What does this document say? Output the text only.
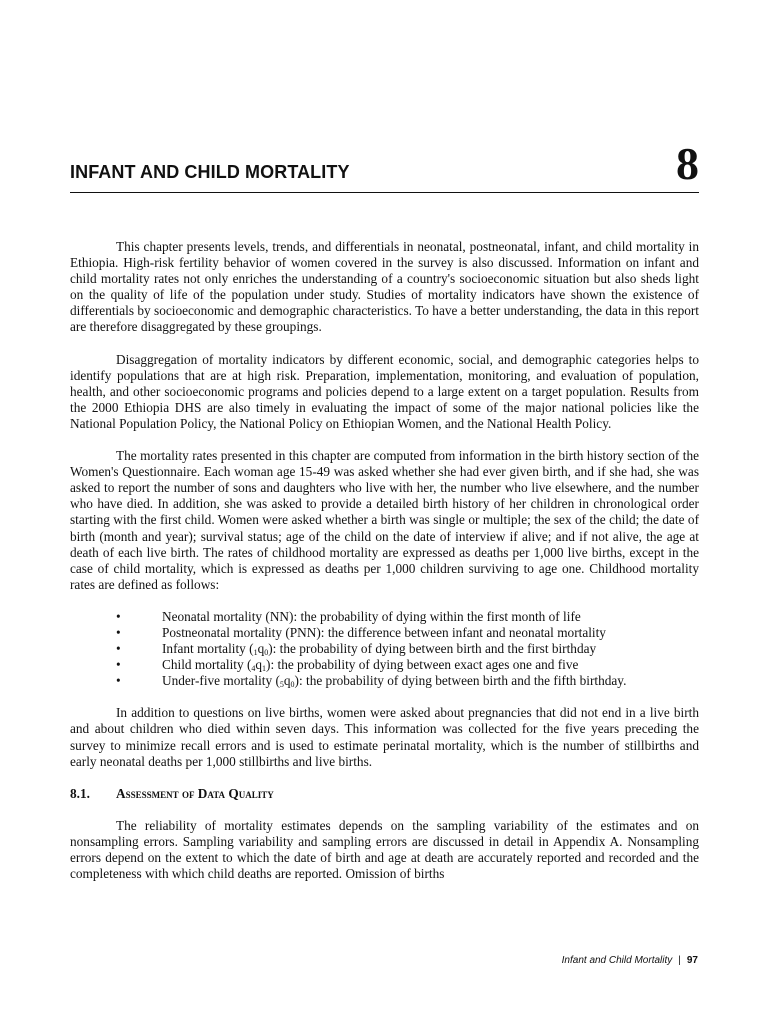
INFANT AND CHILD MORTALITY	8

This chapter presents levels, trends, and differentials in neonatal, postneonatal, infant, and child mortality in Ethiopia. High-risk fertility behavior of women covered in the survey is also discussed. Information on infant and child mortality rates not only enriches the understanding of a country's socioeconomic situation but also sheds light on the quality of life of the population under study. Studies of mortality indicators have shown the existence of differentials by socioeconomic and demographic characteristics. To have a better understanding, the data in this report are therefore disaggregated by these groupings.

Disaggregation of mortality indicators by different economic, social, and demographic categories helps to identify populations that are at high risk. Preparation, implementation, monitoring, and evaluation of population, health, and other socioeconomic programs and policies depend to a large extent on a target population. Results from the 2000 Ethiopia DHS are also timely in evaluating the impact of some of the major national policies like the National Population Policy, the National Policy on Ethiopian Women, and the National Health Policy.

The mortality rates presented in this chapter are computed from information in the birth history section of the Women's Questionnaire. Each woman age 15-49 was asked whether she had ever given birth, and if she had, she was asked to report the number of sons and daughters who live with her, the number who live elsewhere, and the number who have died. In addition, she was asked to provide a detailed birth history of her children in chronological order starting with the first child. Women were asked whether a birth was single or multiple; the sex of the child; the date of birth (month and year); survival status; age of the child on the date of interview if alive; and if not alive, the age at death of each live birth. The rates of childhood mortality are expressed as deaths per 1,000 live births, except in the case of child mortality, which is expressed as deaths per 1,000 children surviving to age one. Childhood mortality rates are defined as follows:

•	Neonatal mortality (NN): the probability of dying within the first month of life
•	Postneonatal mortality (PNN): the difference between infant and neonatal mortality
•	Infant mortality $(_1q_0)$: the probability of dying between birth and the first birthday
•	Child mortality $(_4q_1)$: the probability of dying between exact ages one and five
•	Under-five mortality $(_5q_0)$: the probability of dying between birth and the fifth birthday.

In addition to questions on live births, women were asked about pregnancies that did not end in a live birth and about children who died within seven days. This information was collected for the five years preceding the survey to minimize recall errors and is used to estimate perinatal mortality, which is the number of stillbirths and early neonatal deaths per 1,000 stillbirths and live births.

8.1. Assessment of Data Quality

The reliability of mortality estimates depends on the sampling variability of the estimates and on nonsampling errors. Sampling variability and sampling errors are discussed in detail in Appendix A. Nonsampling errors depend on the extent to which the date of birth and age at death are accurately reported and recorded and the completeness with which child deaths are reported. Omission of births

Infant and Child Mortality | 97
